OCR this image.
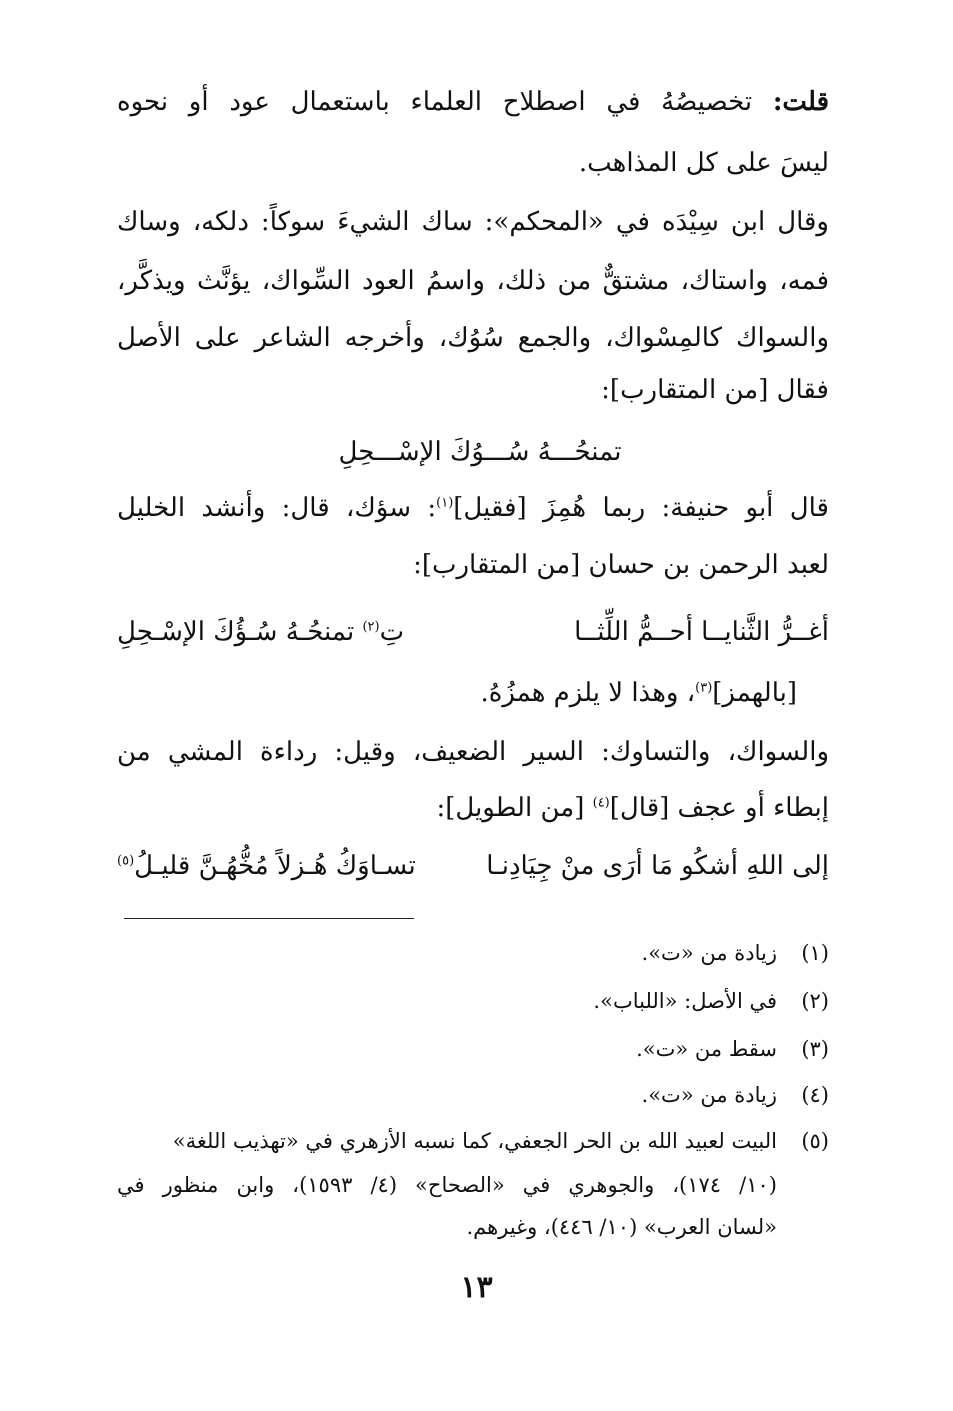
قلت: تخصيصُهُ في اصطلاح العلماء باستعمال عود أو نحوه
ليسَ على كل المذاهب.
وقال ابن سِيْدَه في «المحكم»: ساك الشيءَ سوكاً: دلكه، وساك
فمه، واستاك، مشتقٌّ من ذلك، واسمُ العود السِّواك، يؤنَّث ويذكَّر،
والسواك كالمِسْواك، والجمع سُوُك، وأخرجه الشاعر على الأصل
فقال [من المتقارب]:
تمنحُـــهُ سُـــوُكَ الإسْـــحِلِ
قال أبو حنيفة: ربما هُمِزَ [فقيل]$^{(١)}$: سؤك، قال: وأنشد الخليل
لعبد الرحمن بن حسان [من المتقارب]:
أغــرُّ الثَّنايــا أحــمُّ اللِّثــا
تِ$^{(٢)}$ تمنحُـهُ سُـؤُكَ الإسْـحِلِ
[بالهمز]$^{(٣)}$، وهذا لا يلزم همزُهُ.
والسواك، والتساوك: السير الضعيف، وقيل: رداءة المشي من
إبطاء أو عجف [قال]$^{(٤)}$ [من الطويل]:
إلى اللهِ أشكُو مَا أرَى منْ جِيَادِنـا
تسـاوَكُ هُـزلاً مُخُّهُـنَّ قليـلُ$^{(٥)}$
(١)زيادة من «ت».
(٢)في الأصل: «اللباب».
(٣)سقط من «ت».
(٤)زيادة من «ت».
(٥)البيت لعبيد الله بن الحر الجعفي، كما نسبه الأزهري في «تهذيب اللغة»
(١٠/ ١٧٤)، والجوهري في «الصحاح» (٤/ ١٥٩٣)، وابن منظور في
«لسان العرب» (١٠/ ٤٤٦)، وغيرهم.
١٣
